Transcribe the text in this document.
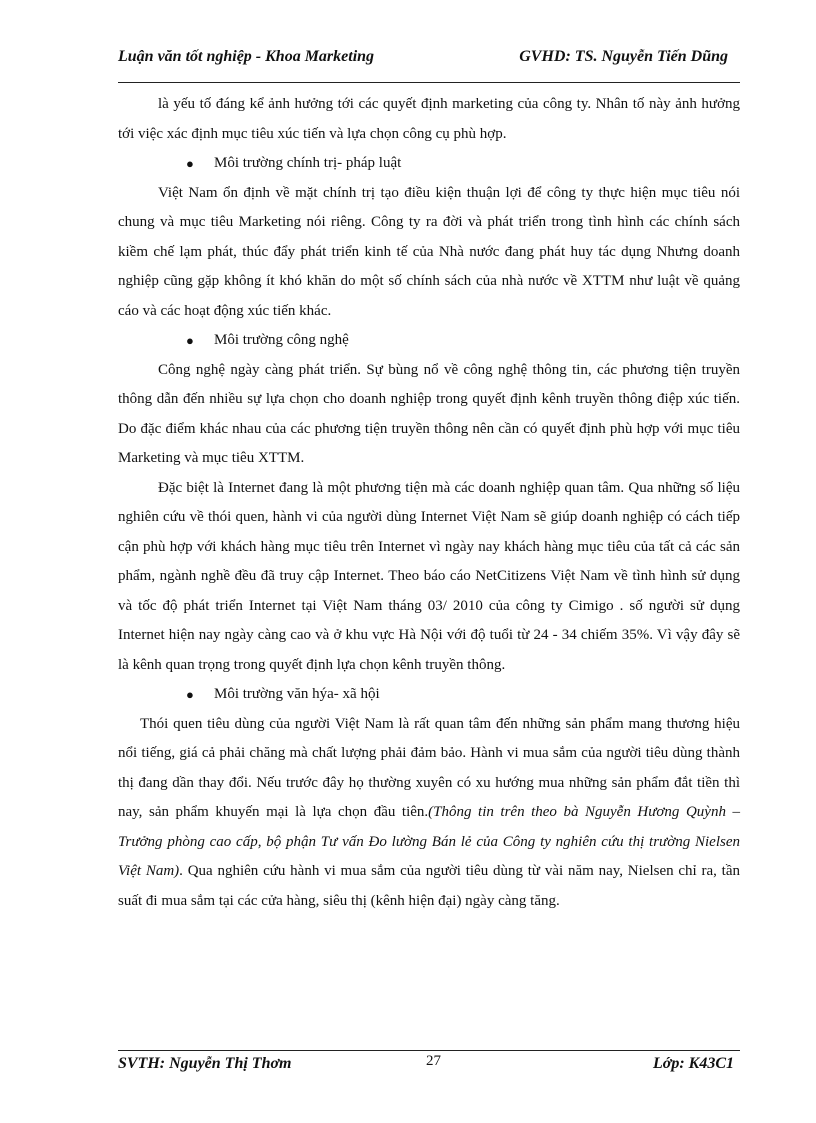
Luận văn tốt nghiệp - Khoa Marketing	GVHD: TS. Nguyễn Tiến Dũng

là yếu tố đáng kể ảnh hưởng tới các quyết định marketing của công ty. Nhân tố này ảnh hưởng tới việc xác định mục tiêu xúc tiến và lựa chọn công cụ phù hợp.

● Môi trường chính trị- pháp luật

Việt Nam ổn định về mặt chính trị tạo điều kiện thuận lợi để công ty thực hiện mục tiêu nói chung và mục tiêu Marketing nói riêng. Công ty ra đời và phát triển trong tình hình các chính sách kiềm chế lạm phát, thúc đẩy phát triển kinh tế của Nhà nước đang phát huy tác dụng Nhưng doanh nghiệp cũng gặp không ít khó khăn do một số chính sách của nhà nước về XTTM như luật về quảng cáo và các hoạt động xúc tiến khác.

● Môi trường công nghệ

Công nghệ ngày càng phát triển. Sự bùng nổ về công nghệ thông tin, các phương tiện truyền thông dẫn đến nhiều sự lựa chọn cho doanh nghiệp trong quyết định kênh truyền thông điệp xúc tiến. Do đặc điểm khác nhau của các phương tiện truyền thông nên cần có quyết định phù hợp với mục tiêu Marketing và mục tiêu XTTM.

Đặc biệt là Internet đang là một phương tiện mà các doanh nghiệp quan tâm. Qua những số liệu nghiên cứu về thói quen, hành vi của người dùng Internet Việt Nam sẽ giúp doanh nghiệp có cách tiếp cận phù hợp với khách hàng mục tiêu trên Internet vì ngày nay khách hàng mục tiêu của tất cả các sản phẩm, ngành nghề đều đã truy cập Internet. Theo báo cáo NetCitizens Việt Nam về tình hình sử dụng và tốc độ phát triển Internet tại Việt Nam tháng 03/ 2010 của công ty Cimigo . số người sử dụng Internet hiện nay ngày càng cao và ở khu vực Hà Nội với độ tuổi từ 24 - 34 chiếm 35%. Vì vậy đây sẽ là kênh quan trọng trong quyết định lựa chọn kênh truyền thông.

● Môi trường văn hýa- xã hội

Thói quen tiêu dùng của người Việt Nam là rất quan tâm đến những sản phẩm mang thương hiệu nổi tiếng, giá cả phải chăng mà chất lượng phải đảm bảo. Hành vi mua sắm của người tiêu dùng thành thị đang dần thay đổi. Nếu trước đây họ thường xuyên có xu hướng mua những sản phẩm đắt tiền thì nay, sản phẩm khuyến mại là lựa chọn đầu tiên.(Thông tin trên theo bà Nguyễn Hương Quỳnh – Trưởng phòng cao cấp, bộ phận Tư vấn Đo lường Bán lẻ của Công ty nghiên cứu thị trường Nielsen Việt Nam). Qua nghiên cứu hành vi mua sắm của người tiêu dùng từ vài năm nay, Nielsen chỉ ra, tần suất đi mua sắm tại các cửa hàng, siêu thị (kênh hiện đại) ngày càng tăng.

SVTH: Nguyễn Thị Thơm	27	Lớp: K43C1
